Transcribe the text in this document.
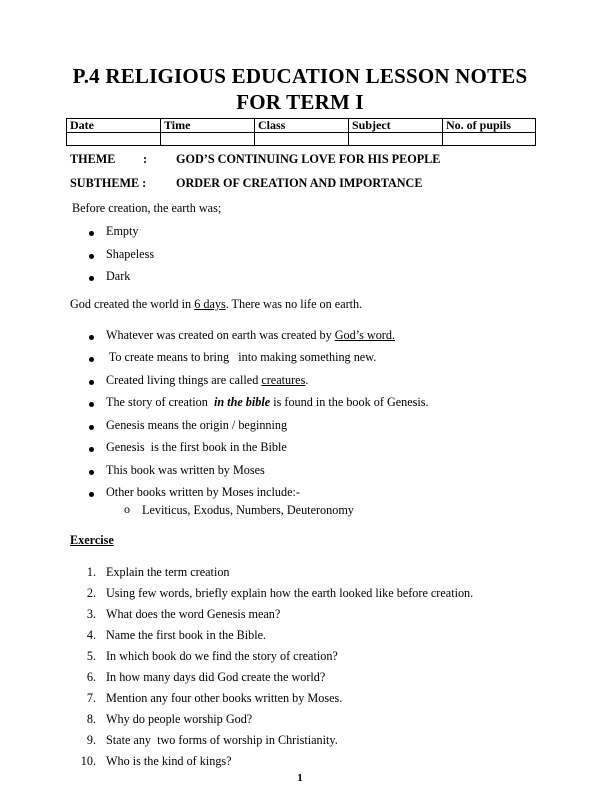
P.4 RELIGIOUS EDUCATION LESSON NOTES
FOR TERM I
Date	Time	Class	Subject	No. of pupils

THEME : GOD’S CONTINUING LOVE FOR HIS PEOPLE
SUBTHEME : ORDER OF CREATION AND IMPORTANCE
Before creation, the earth was;
Empty
Shapeless
Dark
God created the world in 6 days. There was no life on earth.
Whatever was created on earth was created by God’s word.
To create means to bring   into making something new.
Created living things are called creatures.
The story of creation  in the bible is found in the book of Genesis.
Genesis means the origin / beginning
Genesis  is the first book in the Bible
This book was written by Moses
Other books written by Moses include:-
o Leviticus, Exodus, Numbers, Deuteronomy
Exercise
1. Explain the term creation
2. Using few words, briefly explain how the earth looked like before creation.
3. What does the word Genesis mean?
4. Name the first book in the Bible.
5. In which book do we find the story of creation?
6. In how many days did God create the world?
7. Mention any four other books written by Moses.
8. Why do people worship God?
9. State any  two forms of worship in Christianity.
10. Who is the kind of kings?
1
